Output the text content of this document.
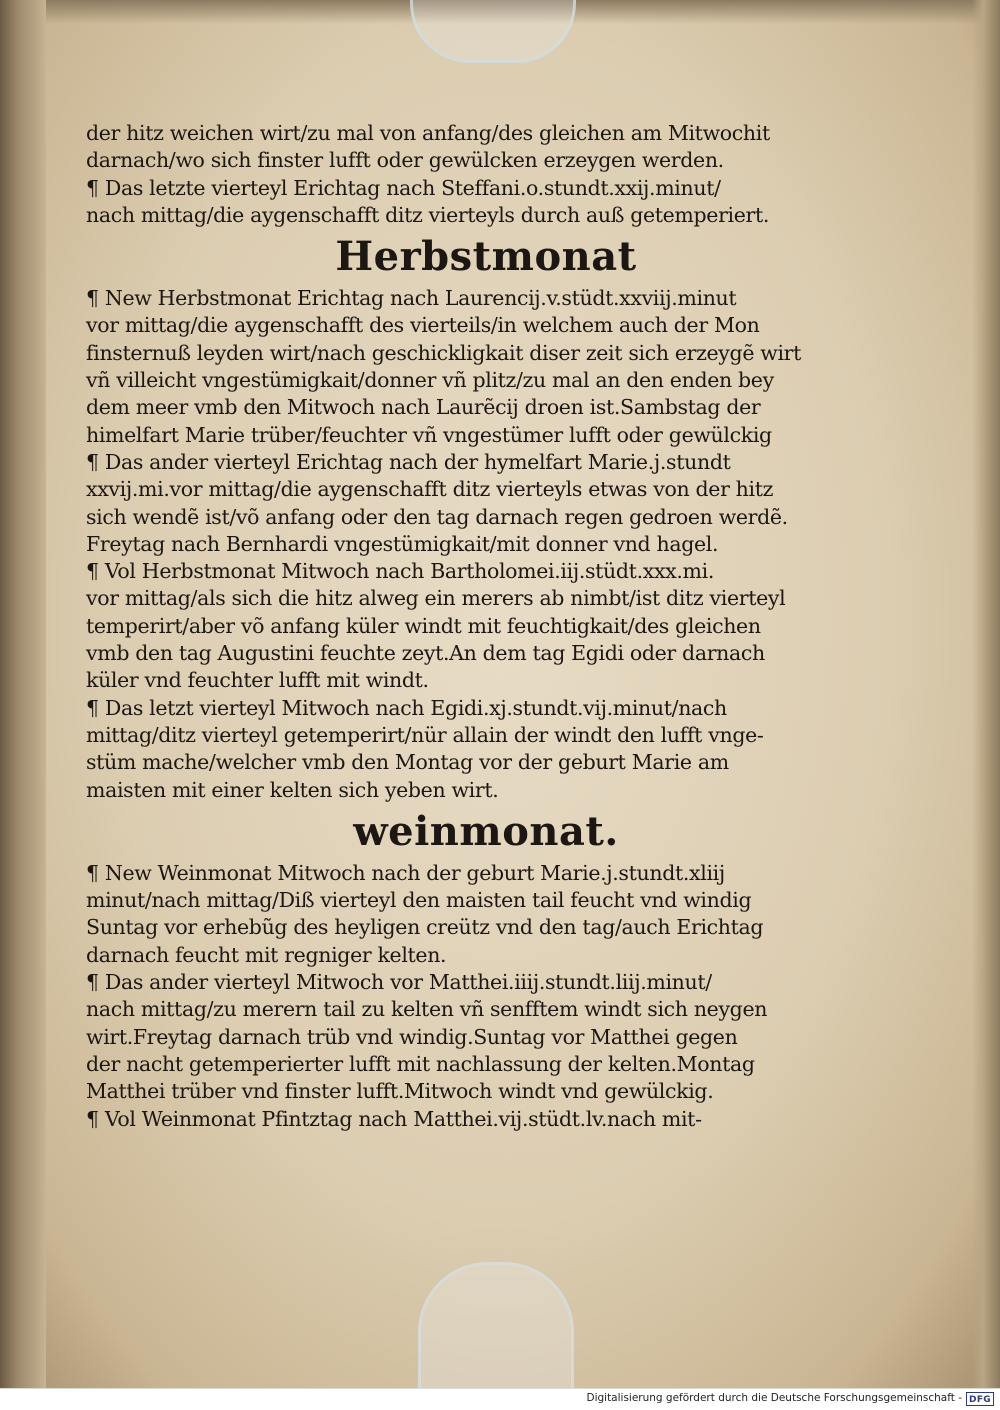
der hitz weichen wirt/zu mal von anfang/des gleichen am Mitwochit
darnach/wo sich finster lufft oder gewülcken erzeygen werden.
¶ Das letzte vierteyl Erichtag nach Steffani.o.stundt.xxij.minut/
nach mittag/die aygenschafft ditz vierteyls durch auß getemperiert.
Herbstmonat
¶ New Herbstmonat Erichtag nach Laurencij.v.stüdt.xxviij.minut
vor mittag/die aygenschafft des vierteils/in welchem auch der Mon
finsternuß leyden wirt/nach geschickligkait diser zeit sich erzeygẽ wirt
vñ villeicht vngestümigkait/donner vñ plitz/zu mal an den enden bey
dem meer vmb den Mitwoch nach Laurẽcij droen ist.Sambstag der
himelfart Marie trüber/feuchter vñ vngestümer lufft oder gewülckig
¶ Das ander vierteyl Erichtag nach der hymelfart Marie.j.stundt
xxvij.mi.vor mittag/die aygenschafft ditz vierteyls etwas von der hitz
sich wendẽ ist/võ anfang oder den tag darnach regen gedroen werdẽ.
Freytag nach Bernhardi vngestümigkait/mit donner vnd hagel.
¶ Vol Herbstmonat Mitwoch nach Bartholomei.iij.stüdt.xxx.mi.
vor mittag/als sich die hitz alweg ein merers ab nimbt/ist ditz vierteyl
temperirt/aber võ anfang küler windt mit feuchtigkait/des gleichen
vmb den tag Augustini feuchte zeyt.An dem tag Egidi oder darnach
küler vnd feuchter lufft mit windt.
¶ Das letzt vierteyl Mitwoch nach Egidi.xj.stundt.vij.minut/nach
mittag/ditz vierteyl getemperirt/nür allain der windt den lufft vnge-
stüm mache/welcher vmb den Montag vor der geburt Marie am
maisten mit einer kelten sich yeben wirt.
weinmonat.
¶ New Weinmonat Mitwoch nach der geburt Marie.j.stundt.xliij
minut/nach mittag/Diß vierteyl den maisten tail feucht vnd windig
Suntag vor erhebũg des heyligen creütz vnd den tag/auch Erichtag
darnach feucht mit regniger kelten.
¶ Das ander vierteyl Mitwoch vor Matthei.iiij.stundt.liij.minut/
nach mittag/zu merern tail zu kelten vñ senfftem windt sich neygen
wirt.Freytag darnach trüb vnd windig.Suntag vor Matthei gegen
der nacht getemperierter lufft mit nachlassung der kelten.Montag
Matthei trüber vnd finster lufft.Mitwoch windt vnd gewülckig.
¶ Vol Weinmonat Pfintztag nach Matthei.vij.stüdt.lv.nach mit-
Digitalisierung gefördert durch die Deutsche Forschungsgemeinschaft - DFG
